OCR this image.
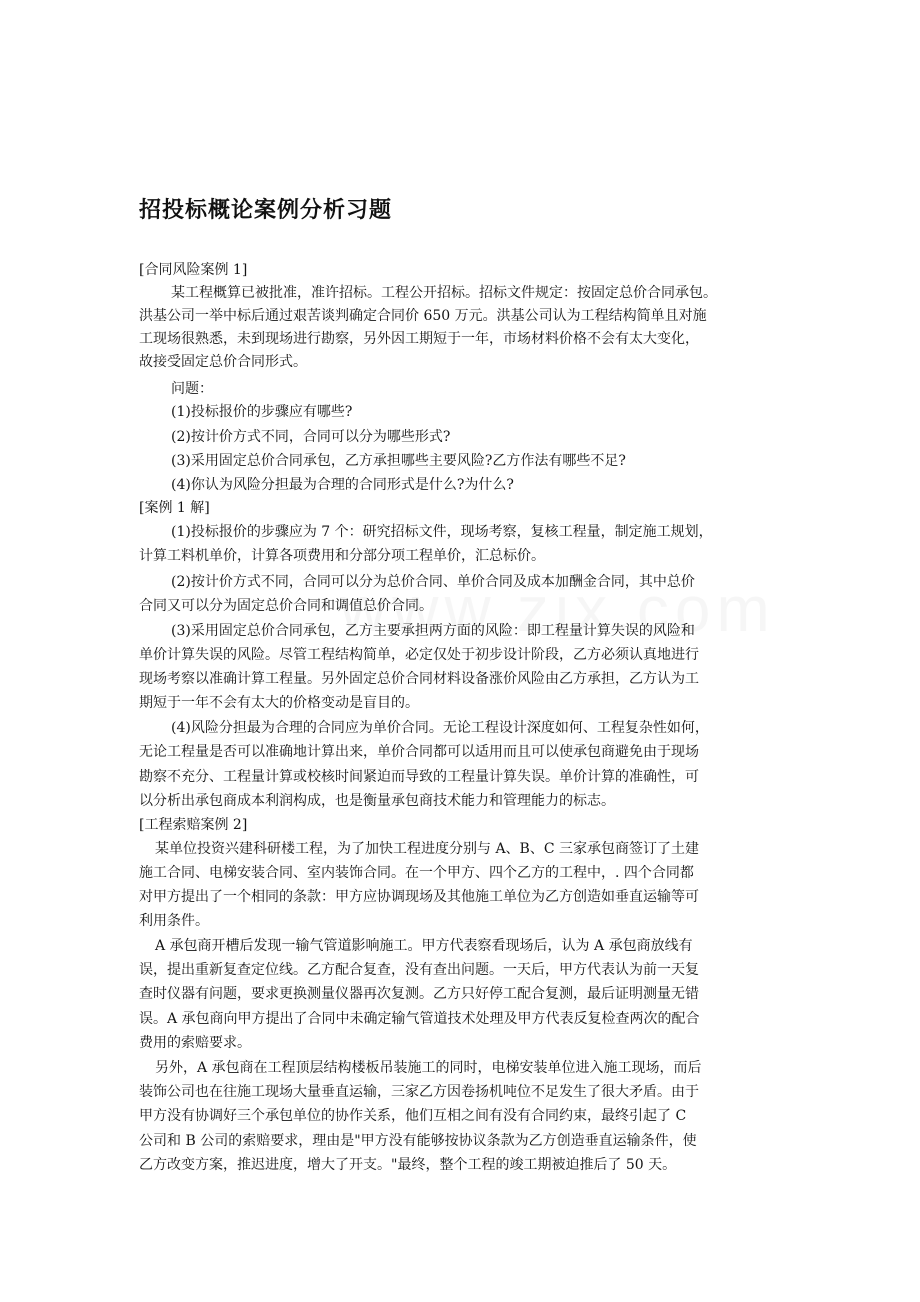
招投标概论案例分析习题
[合同风险案例 1]
某工程概算已被批准，准许招标。工程公开招标。招标文件规定：按固定总价合同承包。
洪基公司一举中标后通过艰苦谈判确定合同价 650 万元。洪基公司认为工程结构简单且对施
工现场很熟悉，未到现场进行勘察，另外因工期短于一年，市场材料价格不会有太大变化，
故接受固定总价合同形式。
问题：
(1)投标报价的步骤应有哪些?
(2)按计价方式不同，合同可以分为哪些形式?
(3)采用固定总价合同承包，乙方承担哪些主要风险?乙方作法有哪些不足?
(4)你认为风险分担最为合理的合同形式是什么?为什么?
[案例 1 解]
(1)投标报价的步骤应为 7 个：研究招标文件，现场考察，复核工程量，制定施工规划，
计算工料机单价，计算各项费用和分部分项工程单价，汇总标价。
(2)按计价方式不同，合同可以分为总价合同、单价合同及成本加酬金合同，其中总价
合同又可以分为固定总价合同和调值总价合同。
(3)采用固定总价合同承包，乙方主要承担两方面的风险：即工程量计算失误的风险和
单价计算失误的风险。尽管工程结构简单，必定仅处于初步设计阶段，乙方必须认真地进行
现场考察以准确计算工程量。另外固定总价合同材料设备涨价风险由乙方承担，乙方认为工
期短于一年不会有太大的价格变动是盲目的。
(4)风险分担最为合理的合同应为单价合同。无论工程设计深度如何、工程复杂性如何，
无论工程量是否可以准确地计算出来，单价合同都可以适用而且可以使承包商避免由于现场
勘察不充分、工程量计算或校核时间紧迫而导致的工程量计算失误。单价计算的准确性，可
以分析出承包商成本利润构成，也是衡量承包商技术能力和管理能力的标志。
[工程索赔案例 2]
某单位投资兴建科研楼工程，为了加快工程进度分别与 A、B、C 三家承包商签订了土建
施工合同、电梯安装合同、室内装饰合同。在一个甲方、四个乙方的工程中，. 四个合同都
对甲方提出了一个相同的条款：甲方应协调现场及其他施工单位为乙方创造如垂直运输等可
利用条件。
A 承包商开槽后发现一输气管道影响施工。甲方代表察看现场后，认为 A 承包商放线有
误，提出重新复查定位线。乙方配合复查，没有查出问题。一天后，甲方代表认为前一天复
查时仪器有问题，要求更换测量仪器再次复测。乙方只好停工配合复测，最后证明测量无错
误。A 承包商向甲方提出了合同中未确定输气管道技术处理及甲方代表反复检查两次的配合
费用的索赔要求。
另外，A 承包商在工程顶层结构楼板吊装施工的同时，电梯安装单位进入施工现场，而后
装饰公司也在往施工现场大量垂直运输，三家乙方因卷扬机吨位不足发生了很大矛盾。由于
甲方没有协调好三个承包单位的协作关系，他们互相之间有没有合同约束，最终引起了 C
公司和 B 公司的索赔要求，理由是"甲方没有能够按协议条款为乙方创造垂直运输条件，使
乙方改变方案，推迟进度，增大了开支。"最终，整个工程的竣工期被迫推后了 50 天。
